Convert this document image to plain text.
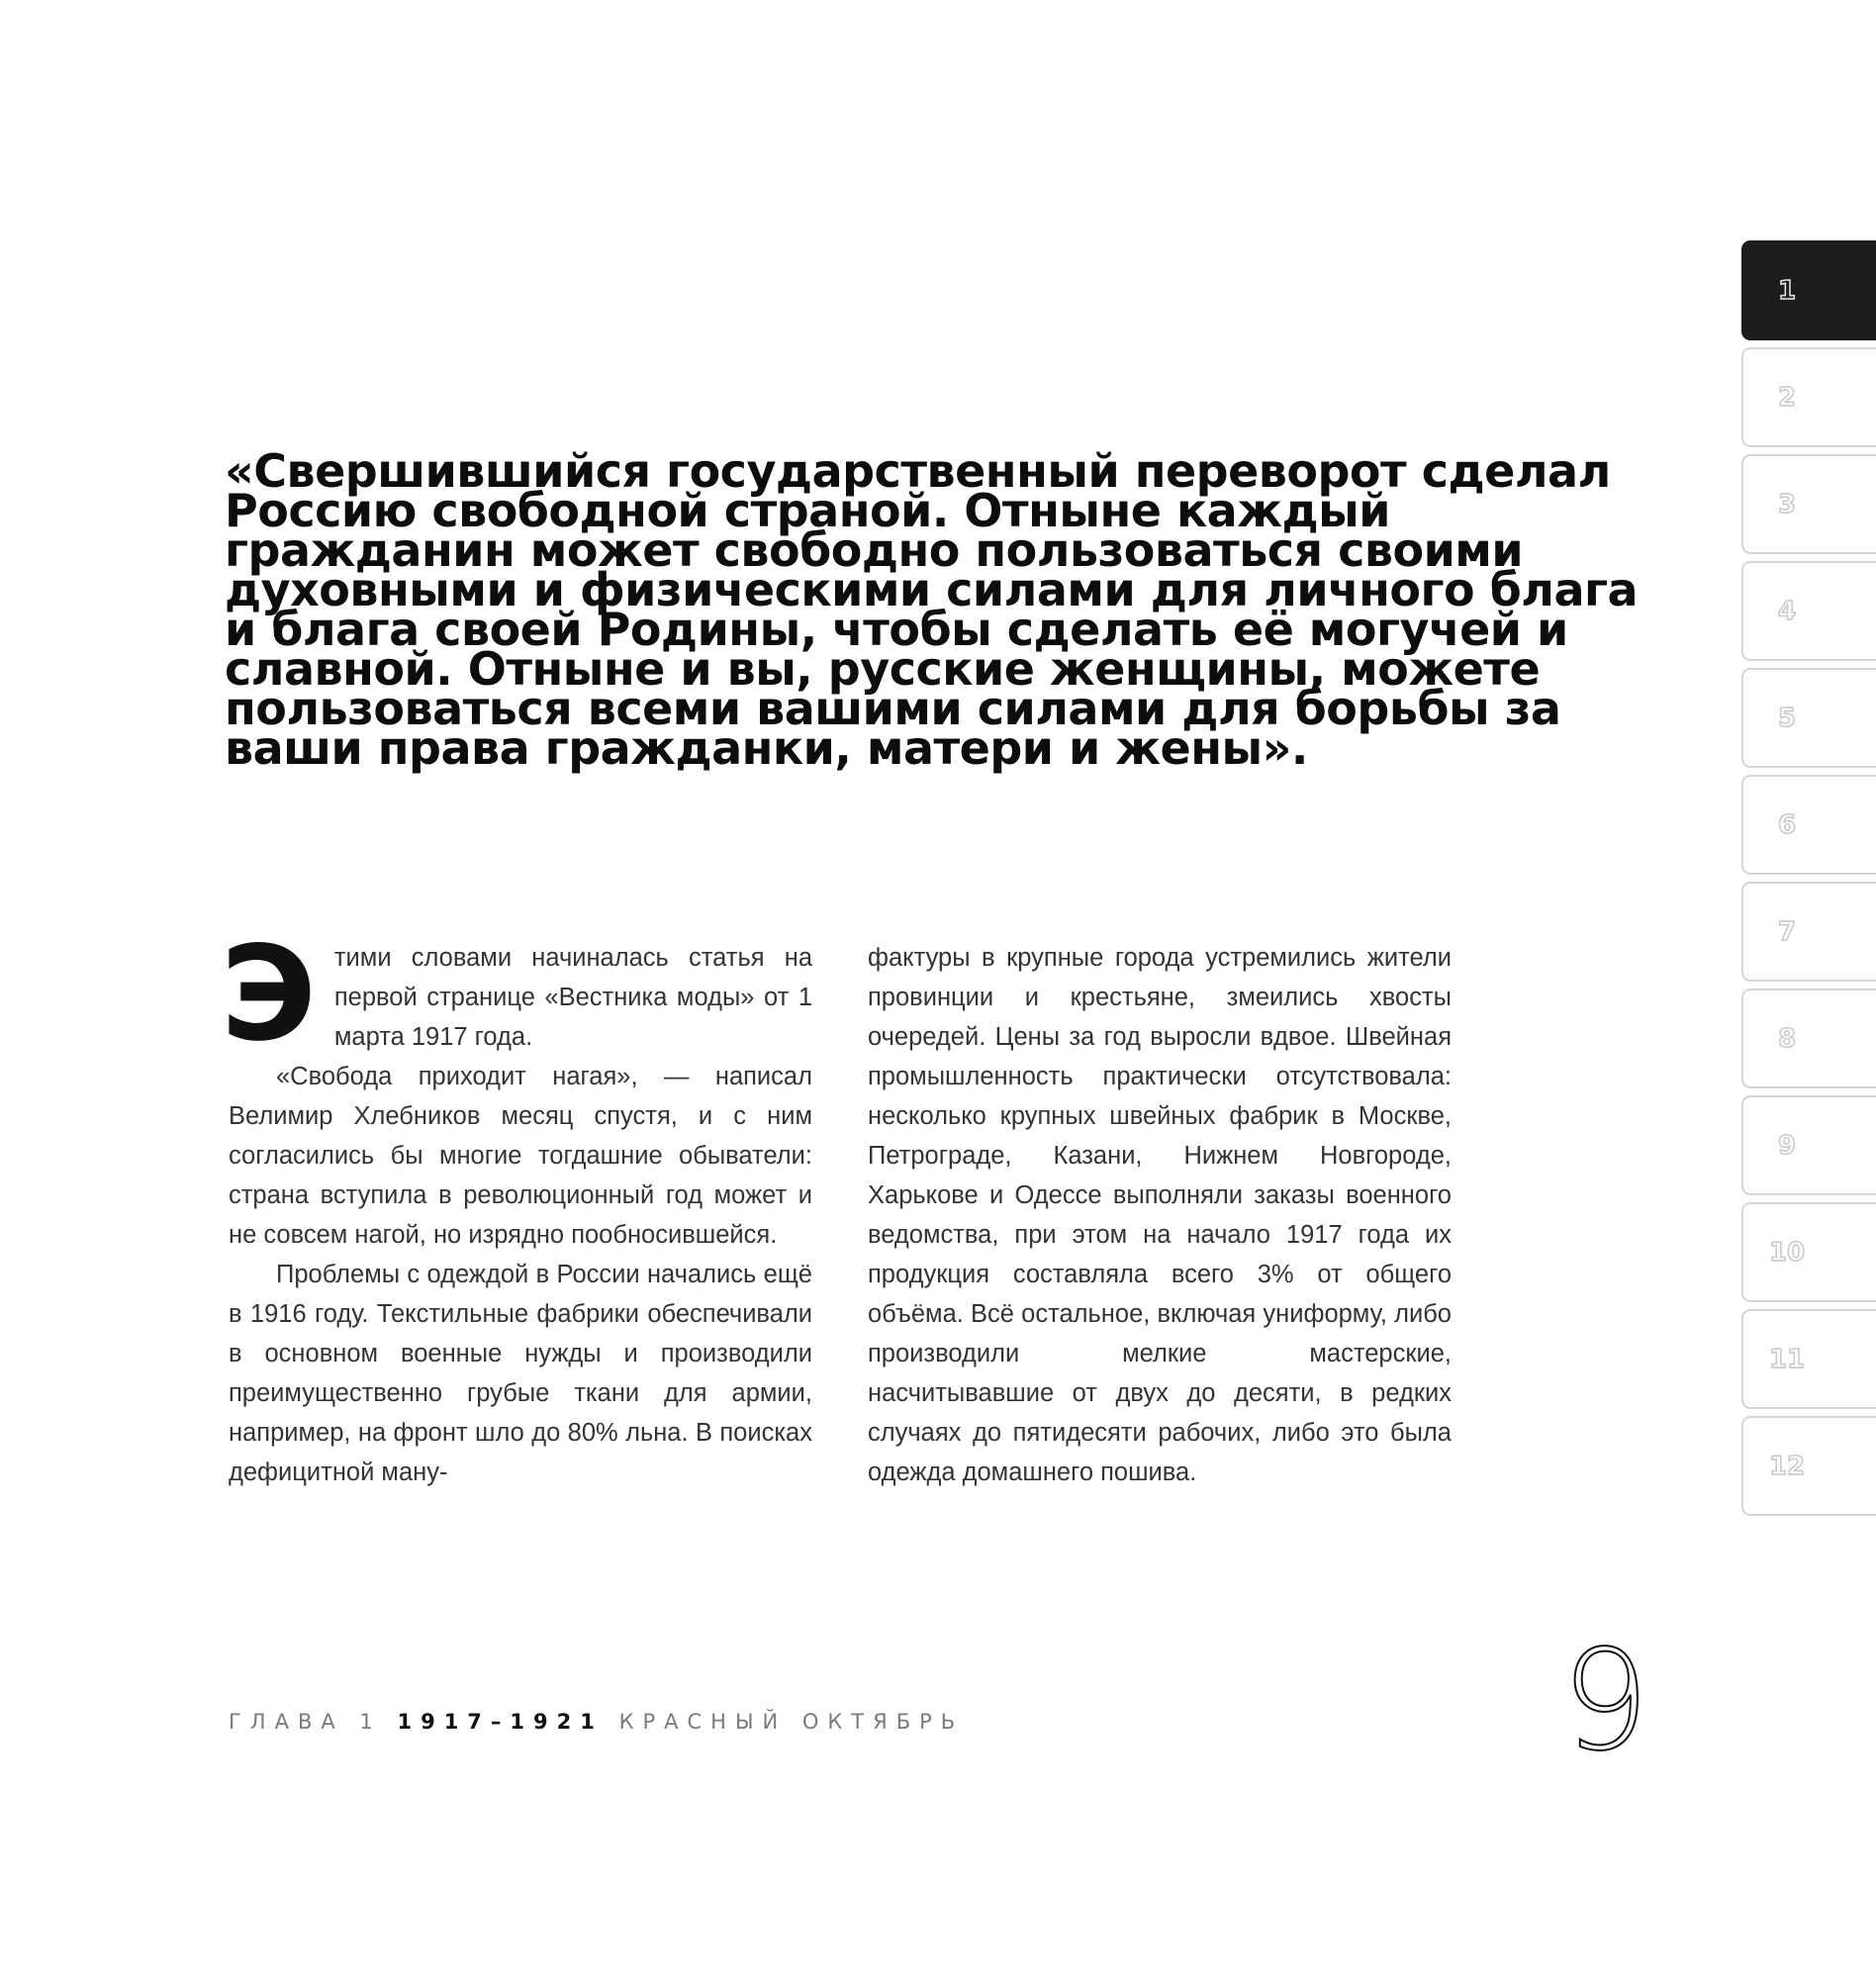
1
2
3
4
5
6
7
8
9
10
11
12
«Свершившийся государственный переворот сделал Россию свободной страной. Отныне каждый гражданин может свободно пользоваться своими духовными и физическими силами для личного блага и блага своей Родины, чтобы сделать её могучей и славной. Отныне и вы, русские женщины, можете пользоваться всеми вашими силами для борьбы за ваши права гражданки, матери и жены».

Этими словами начиналась статья на первой странице «Вестника моды» от 1 марта 1917 года.

«Свобода приходит нагая», — написал Велимир Хлебников месяц спустя, и с ним согласились бы многие тогдашние обыватели: страна вступила в революционный год может и не совсем нагой, но изрядно пообносившейся.

Проблемы с одеждой в России начались ещё в 1916 году. Текстильные фабрики обеспечивали в основном военные нужды и производили преимущественно грубые ткани для армии, например, на фронт шло до 80% льна. В поисках дефицитной ману-

фактуры в крупные города устремились жители провинции и крестьяне, змеились хвосты очередей. Цены за год выросли вдвое. Швейная промышленность практически отсутствовала: несколько крупных швейных фабрик в Москве, Петрограде, Казани, Нижнем Новгороде, Харькове и Одессе выполняли заказы военного ведомства, при этом на начало 1917 года их продукция составляла всего 3% от общего объёма. Всё остальное, включая униформу, либо производили мелкие мастерские, насчитывавшие от двух до десяти, в редких случаях до пятидесяти рабочих, либо это была одежда домашнего пошива.

ГЛАВА 1 1917–1921 КРАСНЫЙ ОКТЯБРЬ	9
